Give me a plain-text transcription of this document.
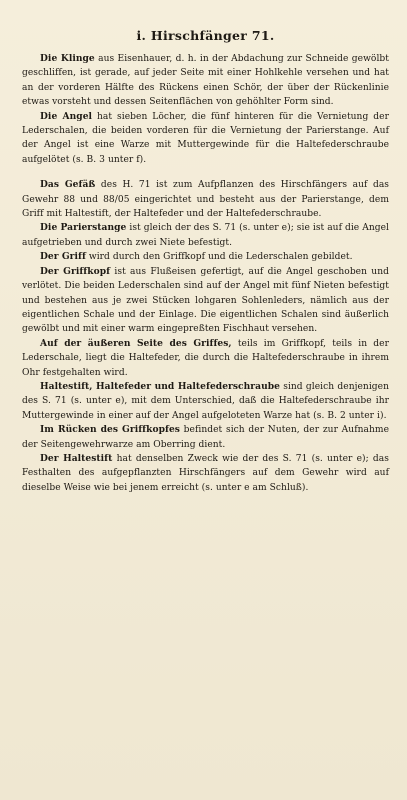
i. Hirschfänger 71.

Die Klinge aus Eisenhauer, d. h. in der Abdachung zur Schneide gewölbt geschliffen, ist gerade, auf jeder Seite mit einer Hohlkehle versehen und hat an der vorderen Hälfte des Rückens einen Schör, der über der Rückenlinie etwas vorsteht und dessen Seitenflächen von gehöhlter Form sind.

Die Angel hat sieben Löcher, die fünf hinteren für die Vernietung der Lederschalen, die beiden vorderen für die Vernietung der Parierstange. Auf der Angel ist eine Warze mit Muttergewinde für die Haltefederschraube aufgelötet (s. B. 3 unter f).

Das Gefäß des H. 71 ist zum Aufpflanzen des Hirschfängers auf das Gewehr 88 und 88/05 eingerichtet und besteht aus der Parierstange, dem Griff mit Haltestift, der Haltefeder und der Haltefederschraube.

Die Parierstange ist gleich der des S. 71 (s. unter e); sie ist auf die Angel aufgetrieben und durch zwei Niete befestigt.

Der Griff wird durch den Griffkopf und die Lederschalen gebildet.

Der Griffkopf ist aus Flußeisen gefertigt, auf die Angel geschoben und verlötet. Die beiden Lederschalen sind auf der Angel mit fünf Nieten befestigt und bestehen aus je zwei Stücken lohgaren Sohlenleders, nämlich aus der eigentlichen Schale und der Einlage. Die eigentlichen Schalen sind äußerlich gewölbt und mit einer warm eingepreßten Fischhaut versehen.

Auf der äußeren Seite des Griffes, teils im Griffkopf, teils in der Lederschale, liegt die Haltefeder, die durch die Haltefederschraube in ihrem Ohr festgehalten wird.

Haltestift, Haltefeder und Haltefederschraube sind gleich denjenigen des S. 71 (s. unter e), mit dem Unterschied, daß die Haltefederschraube ihr Muttergewinde in einer auf der Angel aufgeloteten Warze hat (s. B. 2 unter i).

Im Rücken des Griffkopfes befindet sich der Nuten, der zur Aufnahme der Seitengewehrwarze am Oberring dient.

Der Haltestift hat denselben Zweck wie der des S. 71 (s. unter e); das Festhalten des aufgepflanzten Hirschfängers auf dem Gewehr wird auf dieselbe Weise wie bei jenem erreicht (s. unter e am Schluß).
